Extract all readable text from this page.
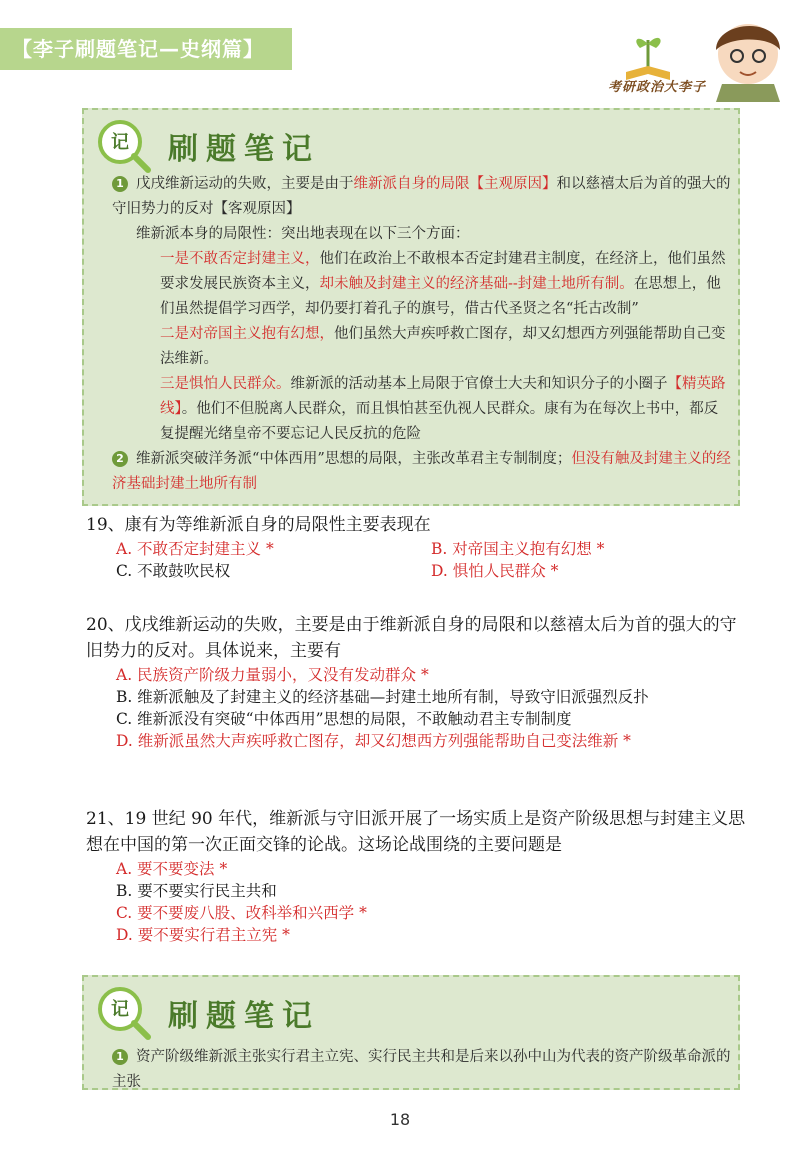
【李子刷题笔记—史纲篇】
考研政治大李子
记 刷题笔记

1 戊戌维新运动的失败，主要是由于维新派自身的局限【主观原因】和以慈禧太后为首的强大的守旧势力的反对【客观原因】

维新派本身的局限性：突出地表现在以下三个方面：

一是不敢否定封建主义，他们在政治上不敢根本否定封建君主制度，在经济上，他们虽然要求发展民族资本主义，却未触及封建主义的经济基础--封建土地所有制。在思想上，他们虽然提倡学习西学，却仍要打着孔子的旗号，借古代圣贤之名“托古改制”

二是对帝国主义抱有幻想，他们虽然大声疾呼救亡图存，却又幻想西方列强能帮助自己变法维新。

三是惧怕人民群众。维新派的活动基本上局限于官僚士大夫和知识分子的小圈子【精英路线】。他们不但脱离人民群众，而且惧怕甚至仇视人民群众。康有为在每次上书中，都反复提醒光绪皇帝不要忘记人民反抗的危险

2 维新派突破洋务派“中体西用”思想的局限，主张改革君主专制制度；但没有触及封建主义的经济基础封建土地所有制

19、康有为等维新派自身的局限性主要表现在
A. 不敢否定封建主义 *	B. 对帝国主义抱有幻想 *
C. 不敢鼓吹民权	D. 惧怕人民群众 *
20、戊戌维新运动的失败，主要是由于维新派自身的局限和以慈禧太后为首的强大的守旧势力的反对。具体说来，主要有
A. 民族资产阶级力量弱小，又没有发动群众 *
B. 维新派触及了封建主义的经济基础—封建土地所有制，导致守旧派强烈反扑
C. 维新派没有突破“中体西用”思想的局限，不敢触动君主专制制度
D. 维新派虽然大声疾呼救亡图存，却又幻想西方列强能帮助自己变法维新 *
21、19 世纪 90 年代，维新派与守旧派开展了一场实质上是资产阶级思想与封建主义思想在中国的第一次正面交锋的论战。这场论战围绕的主要问题是
A. 要不要变法 *
B. 要不要实行民主共和
C. 要不要废八股、改科举和兴西学 *
D. 要不要实行君主立宪 *
记 刷题笔记

1 资产阶级维新派主张实行君主立宪、实行民主共和是后来以孙中山为代表的资产阶级革命派的主张

18
